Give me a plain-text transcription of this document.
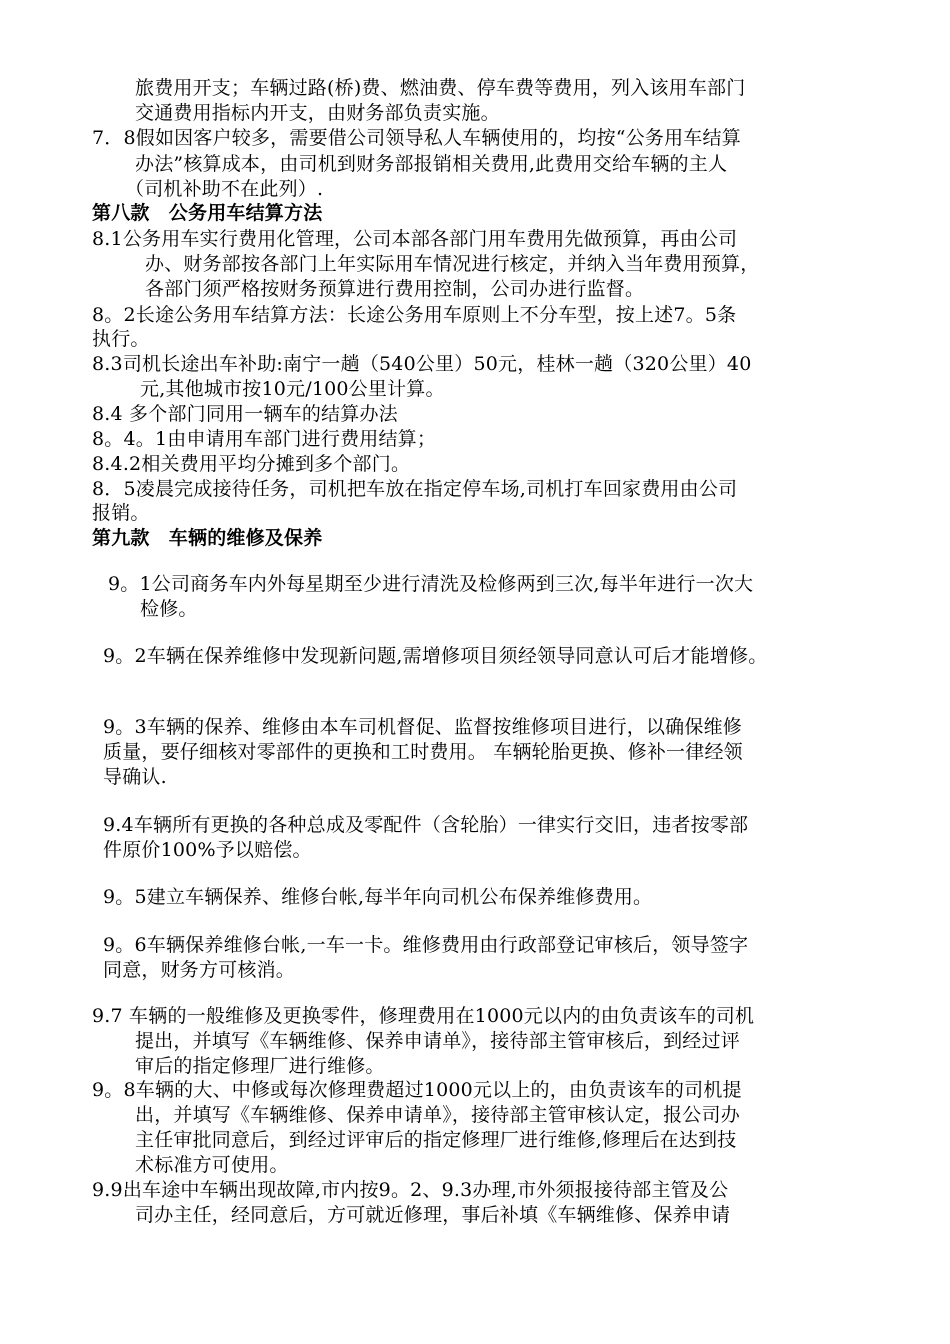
旅费用开支；车辆过路(桥)费、燃油费、停车费等费用，列入该用车部门
交通费用指标内开支，由财务部负责实施。
7．8假如因客户较多，需要借公司领导私人车辆使用的，均按“公务用车结算
办法”核算成本，由司机到财务部报销相关费用,此费用交给车辆的主人
（司机补助不在此列）.
第八款　公务用车结算方法
8.1公务用车实行费用化管理，公司本部各部门用车费用先做预算，再由公司
办、财务部按各部门上年实际用车情况进行核定，并纳入当年费用预算，
各部门须严格按财务预算进行费用控制，公司办进行监督。
8。2长途公务用车结算方法：长途公务用车原则上不分车型，按上述7。5条
执行。
8.3司机长途出车补助:南宁一趟（540公里）50元，桂林一趟（320公里）40
元,其他城市按10元/100公里计算。
8.4 多个部门同用一辆车的结算办法
8。4。1由申请用车部门进行费用结算；
8.4.2相关费用平均分摊到多个部门。
8．5凌晨完成接待任务，司机把车放在指定停车场,司机打车回家费用由公司
报销。
第九款　车辆的维修及保养
9。1公司商务车内外每星期至少进行清洗及检修两到三次,每半年进行一次大
检修。
9。2车辆在保养维修中发现新问题,需增修项目须经领导同意认可后才能增修。
9。3车辆的保养、维修由本车司机督促、监督按维修项目进行，以确保维修
质量，要仔细核对零部件的更换和工时费用。 车辆轮胎更换、修补一律经领
导确认.
9.4车辆所有更换的各种总成及零配件（含轮胎）一律实行交旧，违者按零部
件原价100%予以赔偿。
9。5建立车辆保养、维修台帐,每半年向司机公布保养维修费用。
9。6车辆保养维修台帐,一车一卡。维修费用由行政部登记审核后，领导签字
同意，财务方可核消。
9.7 车辆的一般维修及更换零件，修理费用在1000元以内的由负责该车的司机
提出，并填写《车辆维修、保养申请单》，接待部主管审核后，到经过评
审后的指定修理厂进行维修。
9。8车辆的大、中修或每次修理费超过1000元以上的，由负责该车的司机提
出，并填写《车辆维修、保养申请单》，接待部主管审核认定，报公司办
主任审批同意后，到经过评审后的指定修理厂进行维修,修理后在达到技
术标准方可使用。
9.9出车途中车辆出现故障,市内按9。2、9.3办理,市外须报接待部主管及公
司办主任，经同意后，方可就近修理，事后补填《车辆维修、保养申请
